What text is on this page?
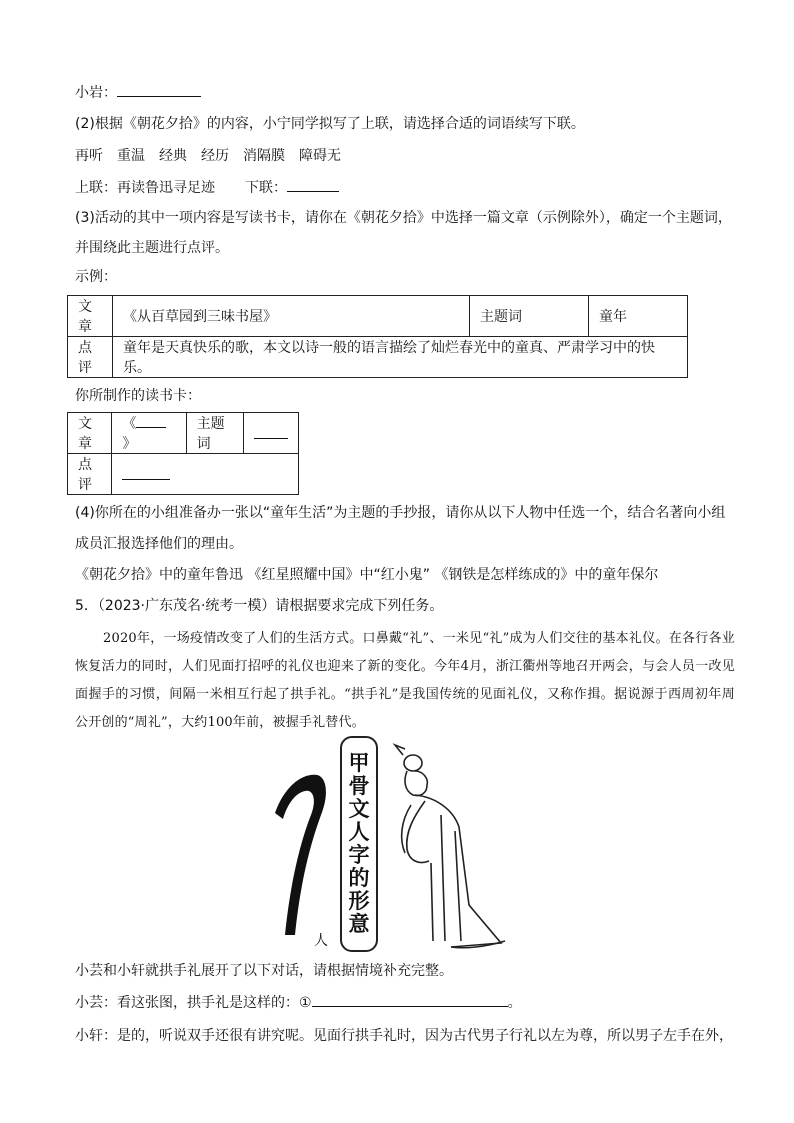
小岩：
(2)根据《朝花夕拾》的内容，小宁同学拟写了上联，请选择合适的词语续写下联。
再听　重温　经典　经历　消隔膜　障碍无
上联：再读鲁迅寻足迹 下联：
(3)活动的其中一项内容是写读书卡，请你在《朝花夕拾》中选择一篇文章（示例除外），确定一个主题词，
并围绕此主题进行点评。
示例：
文章	《从百草园到三味书屋》	主题词	童年
点评	童年是天真快乐的歌，本文以诗一般的语言描绘了灿烂春光中的童真、严肃学习中的快乐。		
你所制作的读书卡：
文章	《》	主题词	
点评			
(4)你所在的小组准备办一张以“童年生活”为主题的手抄报，请你从以下人物中任选一个，结合名著向小组
成员汇报选择他们的理由。
《朝花夕拾》中的童年鲁迅 《红星照耀中国》中“红小鬼” 《钢铁是怎样练成的》中的童年保尔
5．（2023·广东茂名·统考一模）请根据要求完成下列任务。

2020年，一场疫情改变了人们的生活方式。口鼻戴“礼”、一米见“礼”成为人们交往的基本礼仪。在各行各业恢复活力的同时，人们见面打招呼的礼仪也迎来了新的变化。今年4月，浙江衢州等地召开两会，与会人员一改见面握手的习惯，间隔一米相互行起了拱手礼。“拱手礼”是我国传统的见面礼仪，又称作揖。据说源于西周初年周公开创的“周礼”，大约100年前，被握手礼替代。

甲
骨
文
人
字
的
形
意
人
小芸和小轩就拱手礼展开了以下对话，请根据情境补充完整。
小芸：看这张图，拱手礼是这样的：①	。
小轩：是的，听说双手还很有讲究呢。见面行拱手礼时，因为古代男子行礼以左为尊，所以男子左手在外，
